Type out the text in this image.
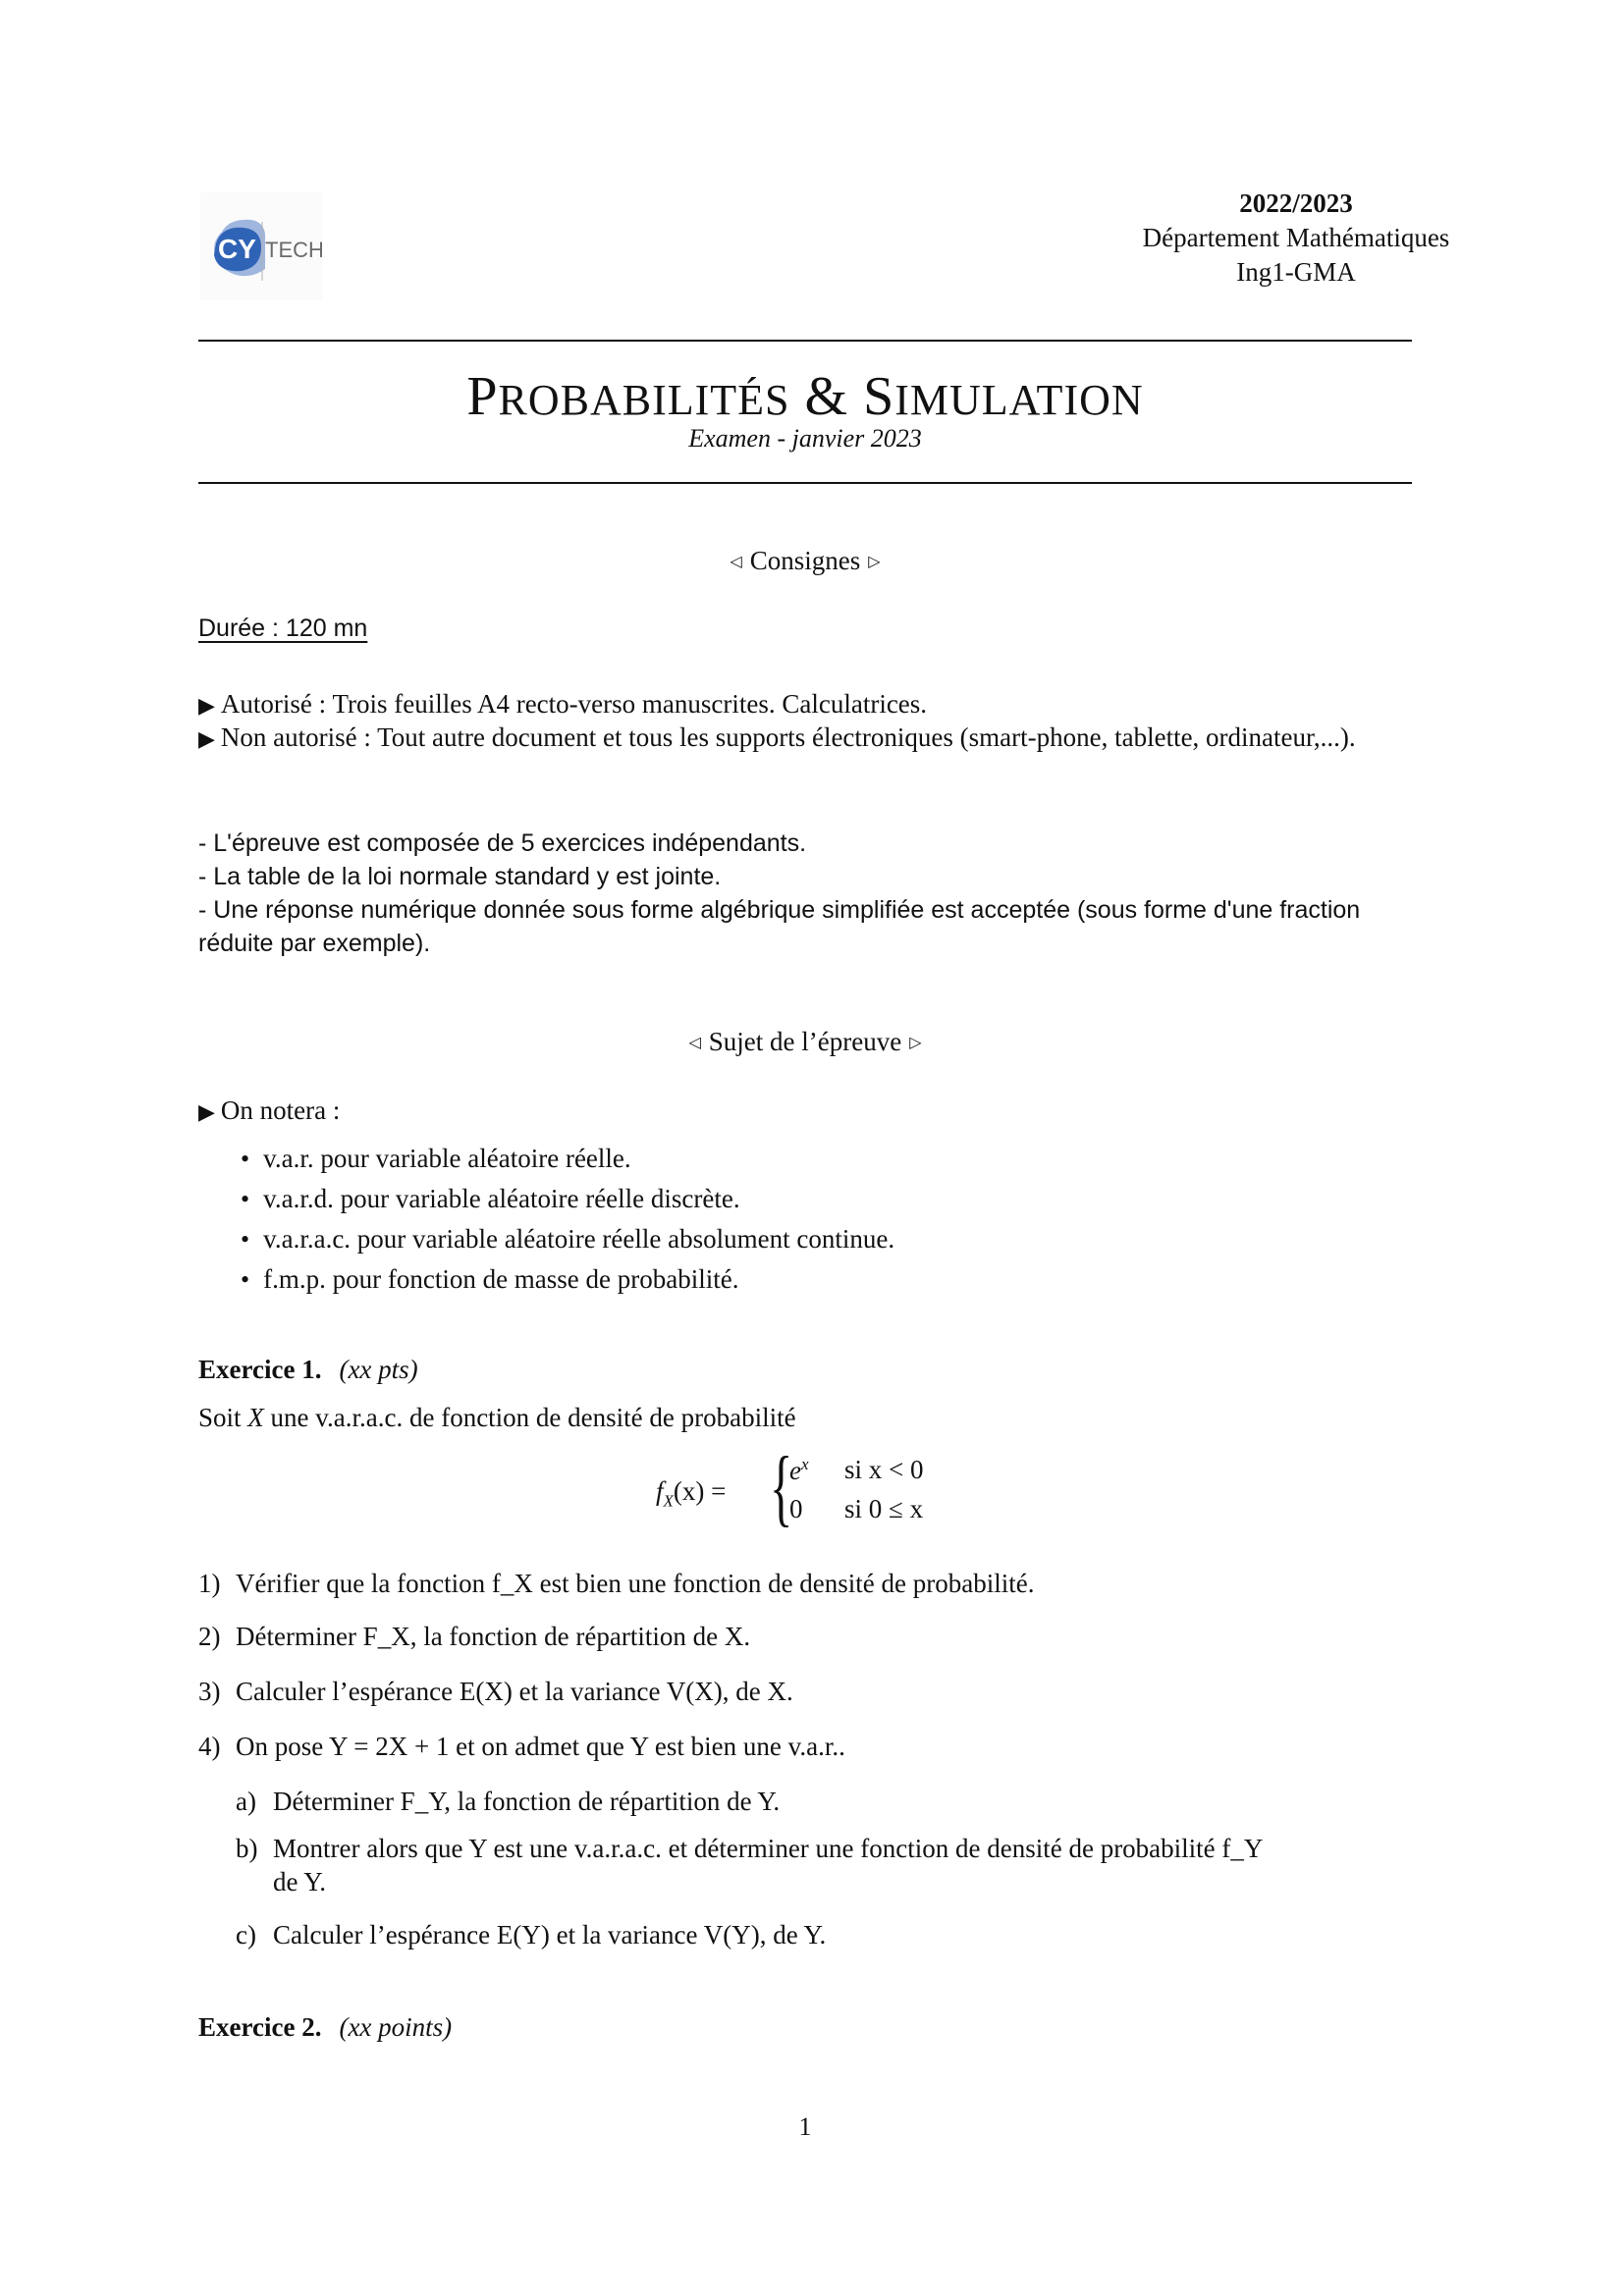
CY TECH
2022/2023
Département Mathématiques
Ing1-GMA
PROBABILITÉS & SIMULATION
Examen - janvier 2023
◁ Consignes ▷
Durée : 120 mn
▶ Autorisé : Trois feuilles A4 recto-verso manuscrites. Calculatrices.
▶ Non autorisé : Tout autre document et tous les supports électroniques (smart-phone, tablette, ordinateur,...).
- L'épreuve est composée de 5 exercices indépendants.
- La table de la loi normale standard y est jointe.
- Une réponse numérique donnée sous forme algébrique simplifiée est acceptée (sous forme d'une fraction réduite par exemple).
◁ Sujet de l’épreuve ▷
▶ On notera :
• v.a.r. pour variable aléatoire réelle.
• v.a.r.d. pour variable aléatoire réelle discrète.
• v.a.r.a.c. pour variable aléatoire réelle absolument continue.
• f.m.p. pour fonction de masse de probabilité.
Exercice 1. (xx pts)
Soit X une v.a.r.a.c. de fonction de densité de probabilité
$f_X(x)$ = {
$e^x$ si x < 0
0 si 0 ≤ x
1) Vérifier que la fonction f_X est bien une fonction de densité de probabilité.
2) Déterminer F_X, la fonction de répartition de X.
3) Calculer l’espérance E(X) et la variance V(X), de X.
4) On pose Y = 2X + 1 et on admet que Y est bien une v.a.r..
a) Déterminer F_Y, la fonction de répartition de Y.
b) Montrer alors que Y est une v.a.r.a.c. et déterminer une fonction de densité de probabilité f_Y
de Y.
c) Calculer l’espérance E(Y) et la variance V(Y), de Y.
Exercice 2. (xx points)
1
